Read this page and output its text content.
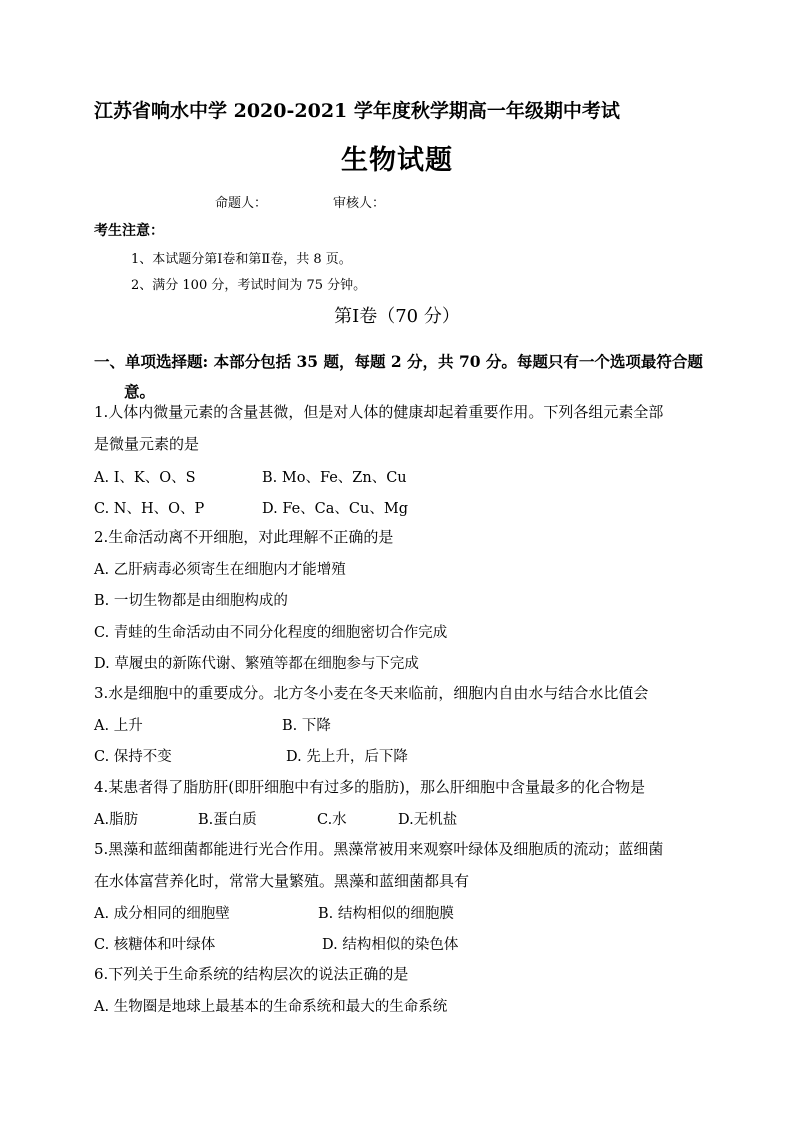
江苏省响水中学 2020-2021 学年度秋学期高一年级期中考试
生物试题
命题人：	审核人：
考生注意：
1、本试题分第Ⅰ卷和第Ⅱ卷，共 8 页。
2、满分 100 分，考试时间为 75 分钟。
第Ⅰ卷（70 分）
一、单项选择题: 本部分包括 35 题，每题 2 分，共 70 分。每题只有一个选项最符合题
意。
1.人体内微量元素的含量甚微，但是对人体的健康却起着重要作用。下列各组元素全部
是微量元素的是
A. I、K、O、S	B. Mo、Fe、Zn、Cu
C. N、H、O、P	D. Fe、Ca、Cu、Mg
2.生命活动离不开细胞，对此理解不正确的是
A. 乙肝病毒必须寄生在细胞内才能增殖
B. 一切生物都是由细胞构成的
C. 青蛙的生命活动由不同分化程度的细胞密切合作完成
D. 草履虫的新陈代谢、繁殖等都在细胞参与下完成
3.水是细胞中的重要成分。北方冬小麦在冬天来临前，细胞内自由水与结合水比值会
A. 上升	B. 下降
C. 保持不变	D. 先上升，后下降
4.某患者得了脂肪肝(即肝细胞中有过多的脂肪)，那么肝细胞中含量最多的化合物是
A.脂肪	B.蛋白质	C.水	D.无机盐
5.黑藻和蓝细菌都能进行光合作用。黑藻常被用来观察叶绿体及细胞质的流动；蓝细菌
在水体富营养化时，常常大量繁殖。黑藻和蓝细菌都具有
A. 成分相同的细胞壁	B. 结构相似的细胞膜
C. 核糖体和叶绿体	D. 结构相似的染色体
6.下列关于生命系统的结构层次的说法正确的是
A. 生物圈是地球上最基本的生命系统和最大的生命系统
